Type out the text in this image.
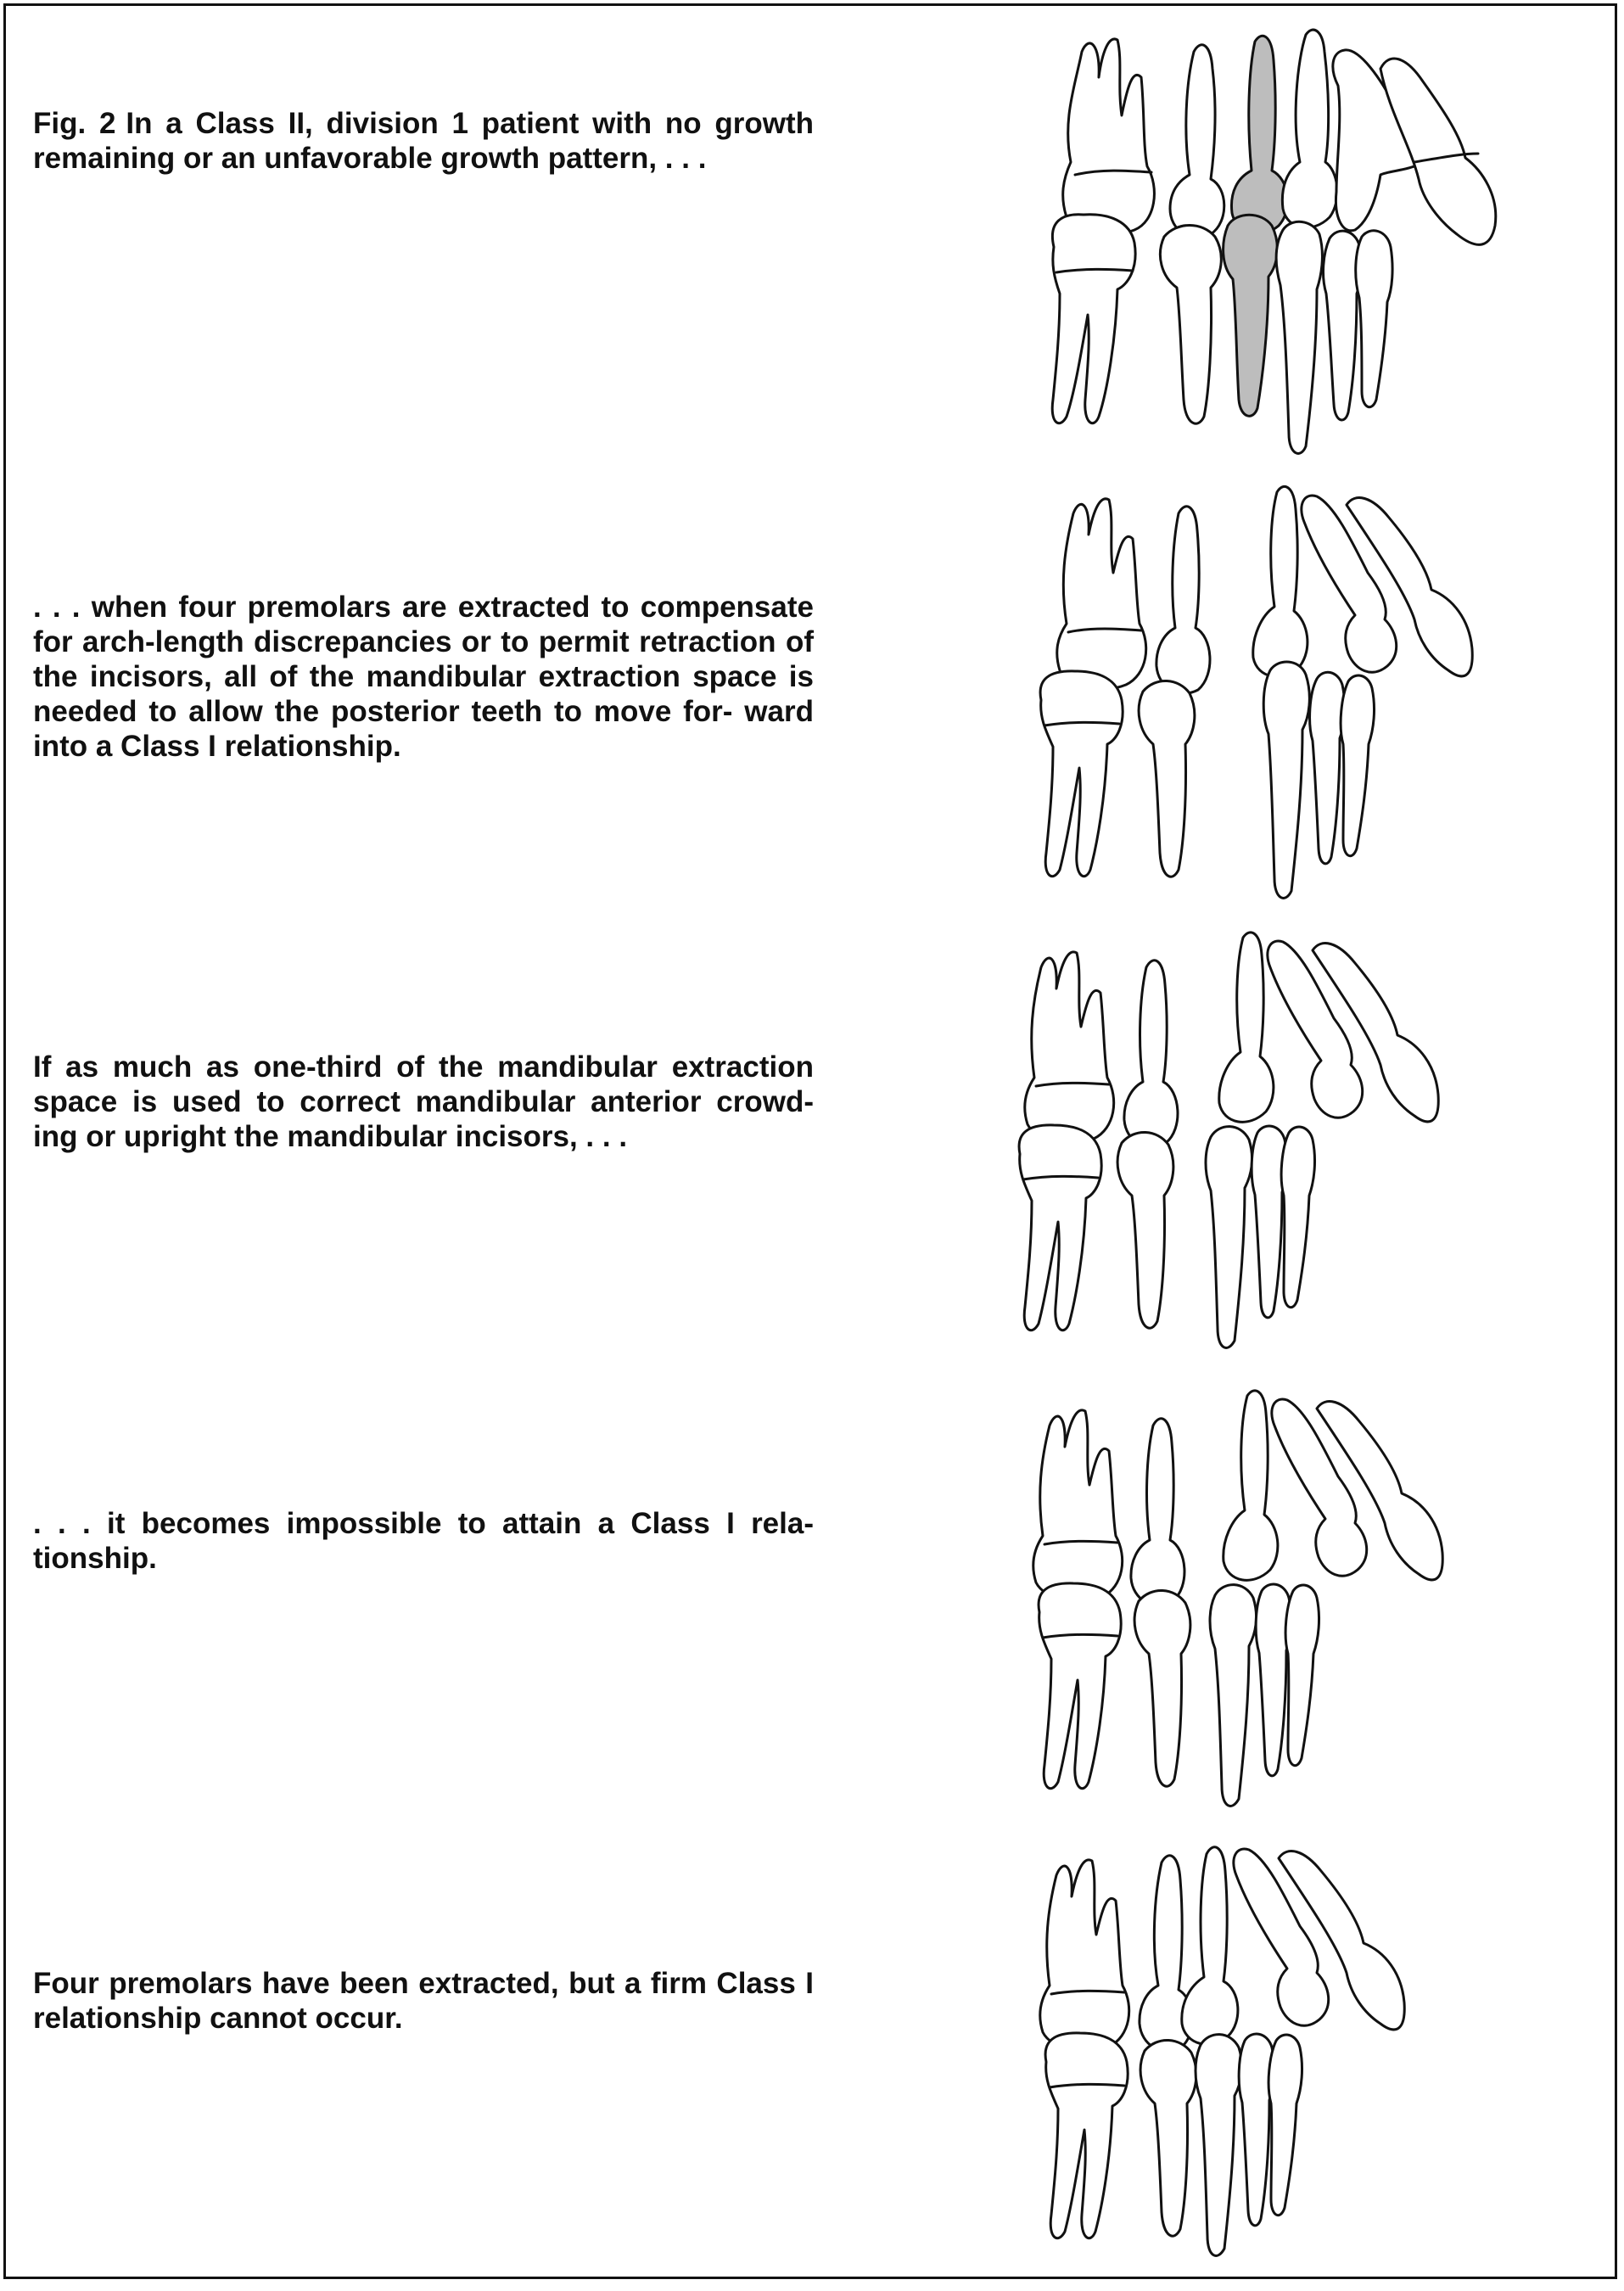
Fig. 2 In a Class II, division 1 patient with no growth remaining or an unfavorable growth pattern, . . .
. . . when four premolars are extracted to compensate for arch-length discrepancies or to permit retraction of the incisors, all of the mandibular extraction space is needed to allow the posterior teeth to move for- ward into a Class I relationship.
If as much as one-third of the mandibular extraction space is used to correct mandibular anterior crowd- ing or upright the mandibular incisors, . . .
. . . it becomes impossible to attain a Class I rela- tionship.
Four premolars have been extracted, but a firm Class I relationship cannot occur.
